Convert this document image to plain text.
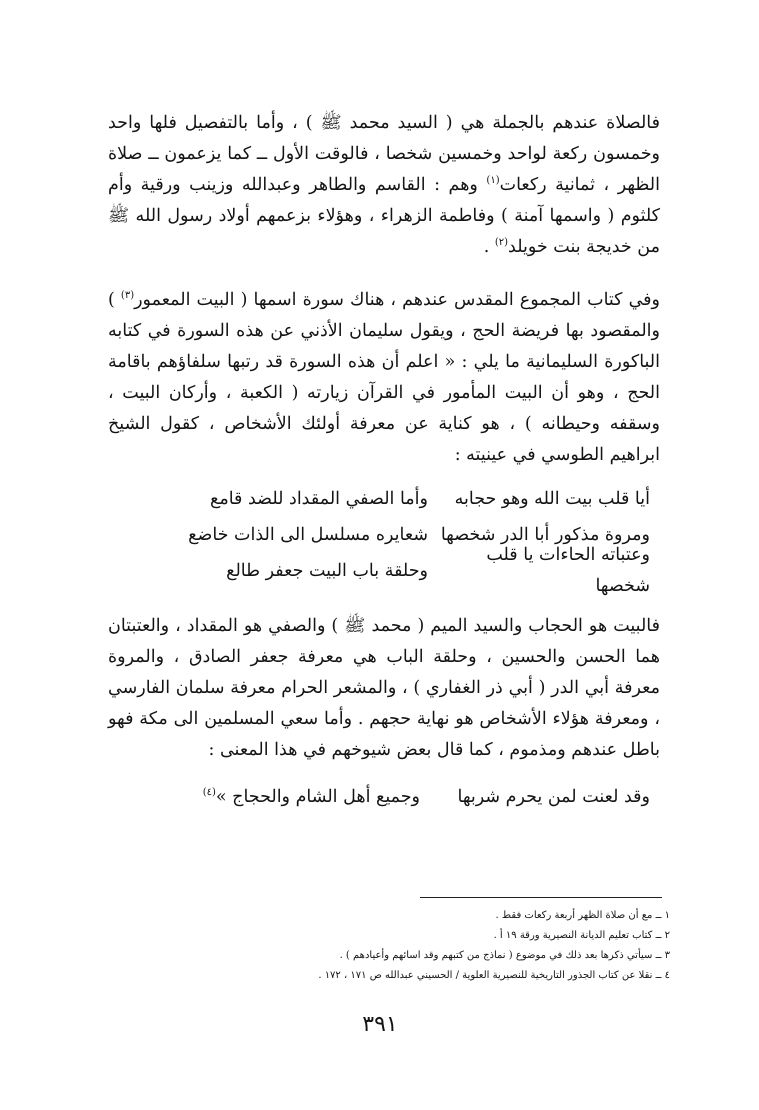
فالصلاة عندهم بالجملة هي ( السيد محمد ﷺ ) ، وأما بالتفصيل فلها واحد وخمسون ركعة لواحد وخمسين شخصا ، فالوقت الأول ــ كما يزعمون ــ صلاة الظهر ، ثمانية ركعات$^{(١)}$ وهم : القاسم والطاهر وعبدالله وزينب ورقية وأم كلثوم ( واسمها آمنة ) وفاطمة الزهراء ، وهؤلاء بزعمهم أولاد رسول الله ﷺ من خديجة بنت خويلد$^{(٢)}$ .

وفي كتاب المجموع المقدس عندهم ، هناك سورة اسمها ( البيت المعمور$^{(٣)}$ ) والمقصود بها فريضة الحج ، ويقول سليمان الأذني عن هذه السورة في كتابه الباكورة السليمانية ما يلي : « اعلم أن هذه السورة قد رتبها سلفاؤهم باقامة الحج ، وهو أن البيت المأمور في القرآن زيارته ( الكعبة ، وأركان البيت ، وسقفه وحيطانه ) ، هو كناية عن معرفة أولئك الأشخاص ، كقول الشيخ ابراهيم الطوسي في عينيته :

أيا قلب بيت الله وهو حجابه
وأما الصفي المقداد للضد قامع
ومروة مذكور أبا الدر شخصها
شعايره مسلسل الى الذات خاضع
وعتباته الحاءات يا قلب شخصها
وحلقة باب البيت جعفر طالع

فالبيت هو الحجاب والسيد الميم ( محمد ﷺ ) والصفي هو المقداد ، والعتبتان هما الحسن والحسين ، وحلقة الباب هي معرفة جعفر الصادق ، والمروة معرفة أبي الدر ( أبي ذر الغفاري ) ، والمشعر الحرام معرفة سلمان الفارسي ، ومعرفة هؤلاء الأشخاص هو نهاية حجهم . وأما سعي المسلمين الى مكة فهو باطل عندهم ومذموم ، كما قال بعض شيوخهم في هذا المعنى :

وقد لعنت لمن يحرم شربها
وجميع أهل الشام والحجاج »$^{(٤)}$

١ ــ مع أن صلاة الظهر أربعة ركعات فقط .

٢ ــ كتاب تعليم الديانة النصيرية ورقة ١٩ أ .

٣ ــ سيأتي ذكرها بعد ذلك في موضوع ( نماذج من كتبهم وقد اسائهم وأعيادهم ) .

٤ ــ نقلا عن كتاب الجذور التاريخية للنصيرية العلوية / الحسيني عبدالله ص ١٧١ ، ١٧٢ .

٣٩١
